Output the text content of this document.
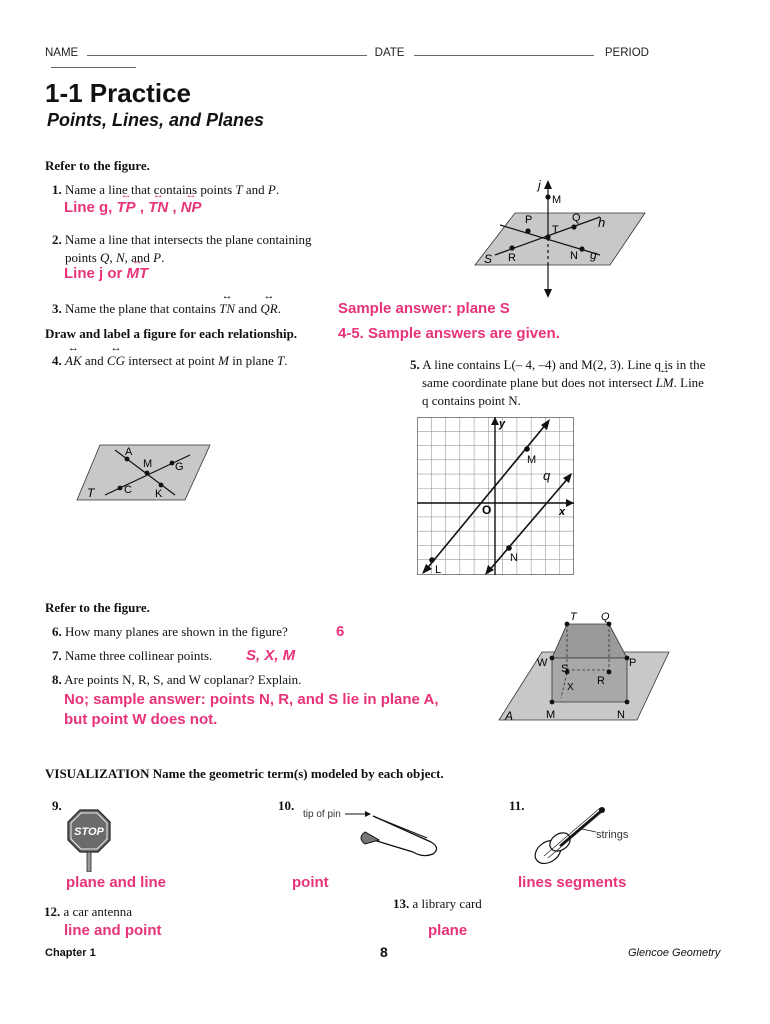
NAME	DATE	PERIOD
1-1 Practice
Points, Lines, and Planes
Refer to the figure.
1. Name a line that contains points T and P.
Line g, ↔ TP , ↔ TN , ↔ NP
2. Name a line that intersects the plane containing
points Q, N, and P.
Line j or ↔ MT
3. Name the plane that contains ↔ TN and ↔ QR.	Sample answer: plane S
Draw and label a figure for each relationship.	4-5. Sample answers are given.
4. ↔ AK and ↔ CG intersect at point M in plane T.	5. A line contains L(– 4, –4) and M(2, 3). Line q is in the
same coordinate plane but does not intersect ↔ LM. Line
q contains point N.
j
M
P
T
Q h
S R	N g
A
M G
C K
T
y
M
q
O	x
N
L
Refer to the figure.
6. How many planes are shown in the figure?	6
7. Name three collinear points. S, X, M
8. Are points N, R, S, and W coplanar? Explain.
No; sample answer: points N, R, and S lie in plane A,
but point W does not.
T Q
W S	P
X
R
A	M	N
VISUALIZATION Name the geometric term(s) modeled by each object.
9.
STOP
plane and line
10.
tip of pin
point
11.
strings
lines segments
12. a car antenna
line and point
13. a library card
plane
Chapter 1	8	Glencoe Geometry
